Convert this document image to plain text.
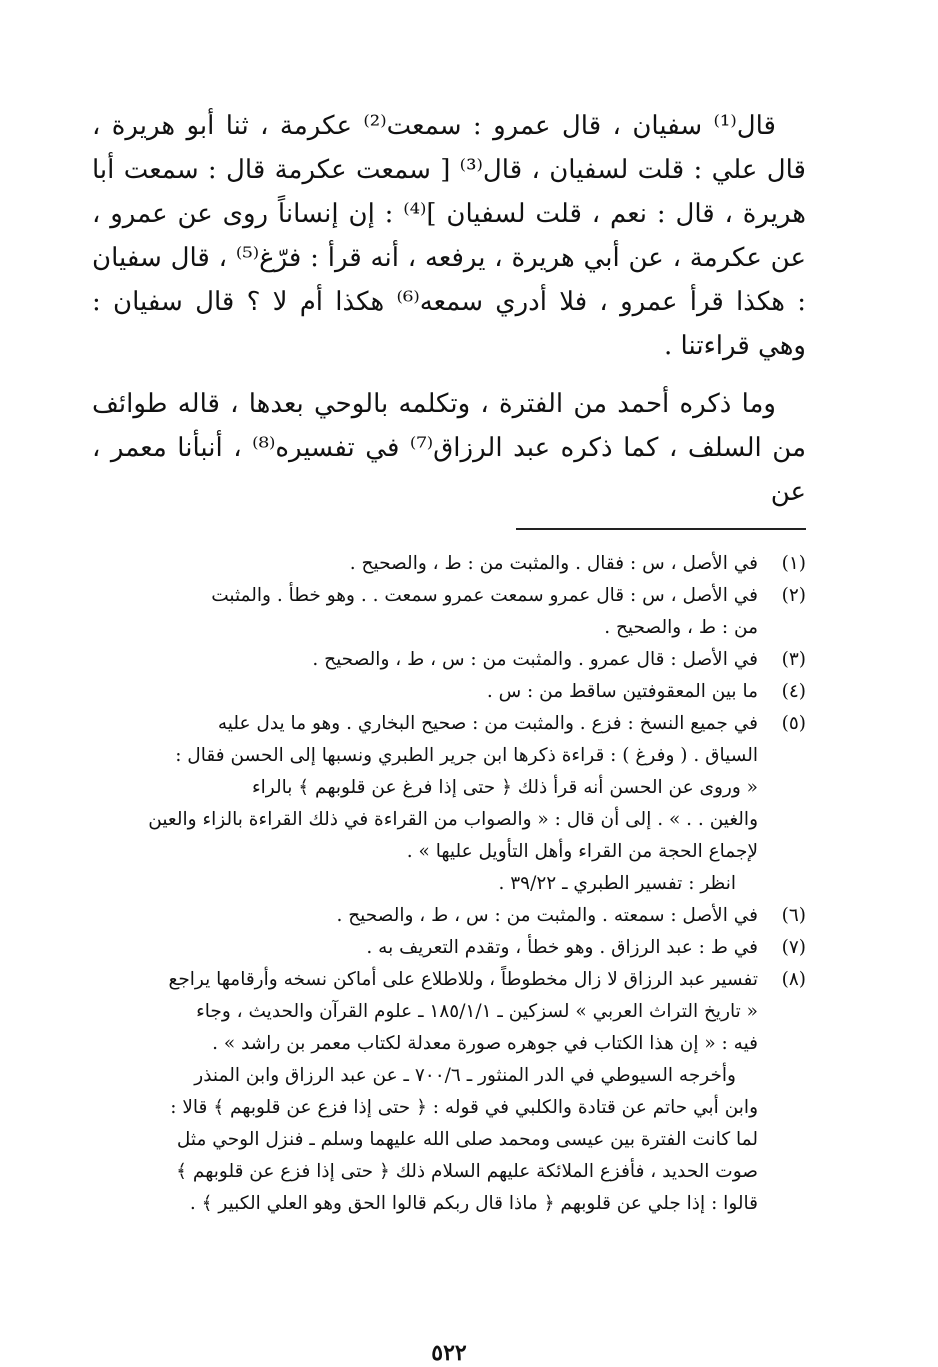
قال⁽¹⁾ سفيان ، قال عمرو : سمعت⁽²⁾ عكرمة ، ثنا أبو هريرة ، قال علي : قلت لسفيان ، قال⁽³⁾ [ سمعت عكرمة قال : سمعت أبا هريرة ، قال : نعم ، قلت لسفيان ]⁽⁴⁾ : إن إنساناً روى عن عمرو ، عن عكرمة ، عن أبي هريرة ، يرفعه ، أنه قرأ : فرّغ⁽⁵⁾ ، قال سفيان : هكذا قرأ عمرو ، فلا أدري سمعه⁽⁶⁾ هكذا أم لا ؟ قال سفيان : وهي قراءتنا .

وما ذكره أحمد من الفترة ، وتكلمه بالوحي بعدها ، قاله طوائف من السلف ، كما ذكره عبد الرزاق⁽⁷⁾ في تفسيره⁽⁸⁾ ، أنبأنا معمر ، عن

(١)
في الأصل ، س : فقال . والمثبت من : ط ، والصحيح .
(٢)
في الأصل ، س : قال عمرو سمعت عمرو سمعت . . وهو خطأ . والمثبت
من : ط ، والصحيح .
(٣)
في الأصل : قال عمرو . والمثبت من : س ، ط ، والصحيح .
(٤)
ما بين المعقوفتين ساقط من : س .
(٥)
في جميع النسخ : فزع . والمثبت من : صحيح البخاري . وهو ما يدل عليه
السياق . ( وفرغ ) : قراءة ذكرها ابن جرير الطبري ونسبها إلى الحسن فقال :
« وروى عن الحسن أنه قرأ ذلك ﴿ حتى إذا فرغ عن قلوبهم ﴾ بالراء
والغين . . » . إلى أن قال : « والصواب من القراءة في ذلك القراءة بالزاء والعين
لإجماع الحجة من القراء وأهل التأويل عليها » .
انظر : تفسير الطبري ـ ٣٩/٢٢ .
(٦)
في الأصل : سمعته . والمثبت من : س ، ط ، والصحيح .
(٧)
في ط : عبد الرزاق . وهو خطأ ، وتقدم التعريف به .
(٨)
تفسير عبد الرزاق لا زال مخطوطاً ، وللاطلاع على أماكن نسخه وأرقامها يراجع
« تاريخ التراث العربي » لسزكين ـ ١٨٥/١/١ ـ علوم القرآن والحديث ، وجاء
فيه : « إن هذا الكتاب في جوهره صورة معدلة لكتاب معمر بن راشد » .
وأخرجه السيوطي في الدر المنثور ـ ٧٠٠/٦ ـ عن عبد الرزاق وابن المنذر
وابن أبي حاتم عن قتادة والكلبي في قوله : ﴿ حتى إذا فزع عن قلوبهم ﴾ قالا :
لما كانت الفترة بين عيسى ومحمد صلى الله عليهما وسلم ـ فنزل الوحي مثل
صوت الحديد ، فأفزع الملائكة عليهم السلام ذلك ﴿ حتى إذا فزع عن قلوبهم ﴾
قالوا : إذا جلي عن قلوبهم ﴿ ماذا قال ربكم قالوا الحق وهو العلي الكبير ﴾ .
٥٢٢
